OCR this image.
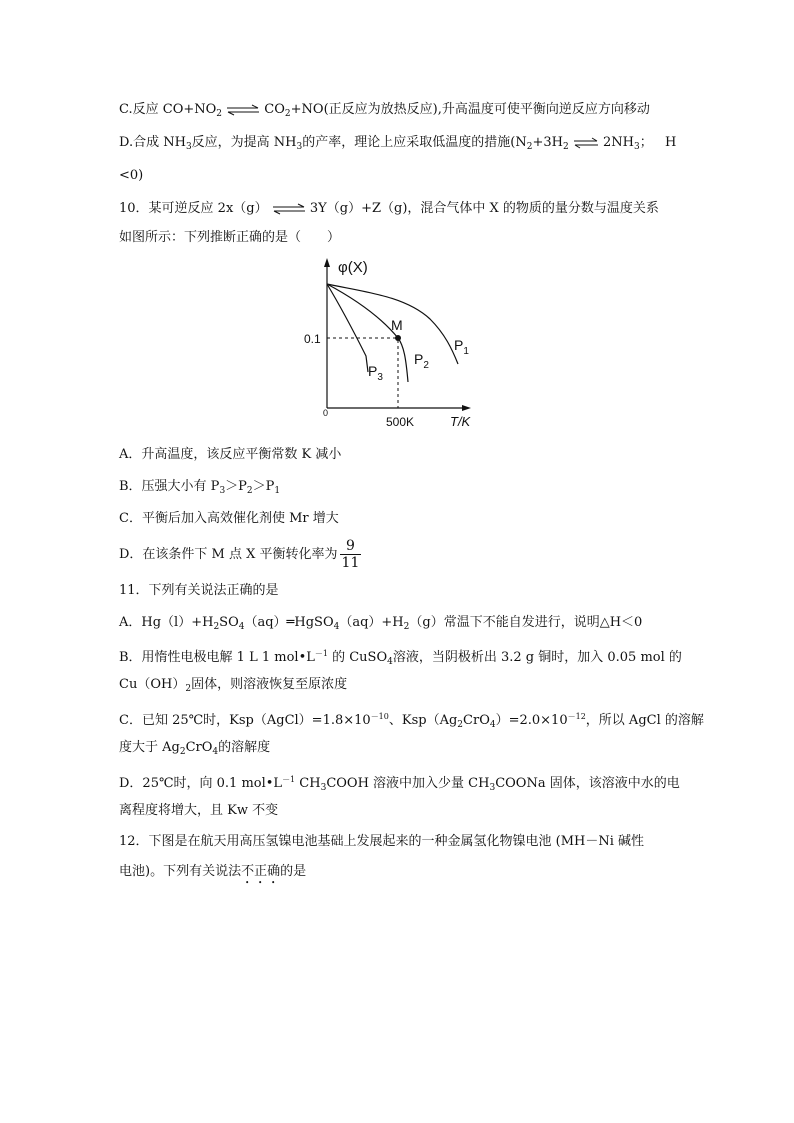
C.反应 $CO+NO_2$ ⇌ $CO_2+NO$(正反应为放热反应),升高温度可使平衡向逆反应方向移动
D.合成 $NH_3$反应，为提高 $NH_3$的产率，理论上应采取低温度的措施($N_2+3H_2$ ⇌ $2NH_3$； H
<0)
10．某可逆反应 2x（g） ⇌ 3Y（g）+Z（g)，混合气体中 X 的物质的量分数与温度关系
如图所示：下列推断正确的是（　　）
φ(X)
T/K
0
0.1
500K
M
$P_1$
$P_2$
$P_3$
A．升高温度，该反应平衡常数 K 减小
B．压强大小有 $P_3>P_2>P_1$
C．平衡后加入高效催化剂使 Mr 增大
D．在该条件下 M 点 X 平衡转化率为 $\frac{9}{11}$
11．下列有关说法正确的是
A．$Hg(l)+H_2SO_4(aq)═HgSO_4(aq)+H_2(g)$常温下不能自发进行，说明△H＜0
B．用惰性电极电解 1 L 1 $mol•L^{-1}$ 的 CuSO$_4$溶液，当阴极析出 3.2 g 铜时，加入 0.05 mol 的
$Cu(OH)_2$固体，则溶液恢复至原浓度
C．已知 25℃时，$Ksp(AgCl)=1.8\times 10^{-10}$、$Ksp(Ag_2CrO_4)=2.0\times 10^{-12}$，所以 AgCl 的溶解
度大于 $Ag_2CrO_4$的溶解度
D．25℃时，向 0.1 $mol•L^{-1}$ $CH_3COOH$ 溶液中加入少量 $CH_3COONa$ 固体，该溶液中水的电
离程度将增大，且 Kw 不变
12．下图是在航天用高压氢镍电池基础上发展起来的一种金属氢化物镍电池 (MH－Ni 碱性
电池)。下列有关说法不正确的是
